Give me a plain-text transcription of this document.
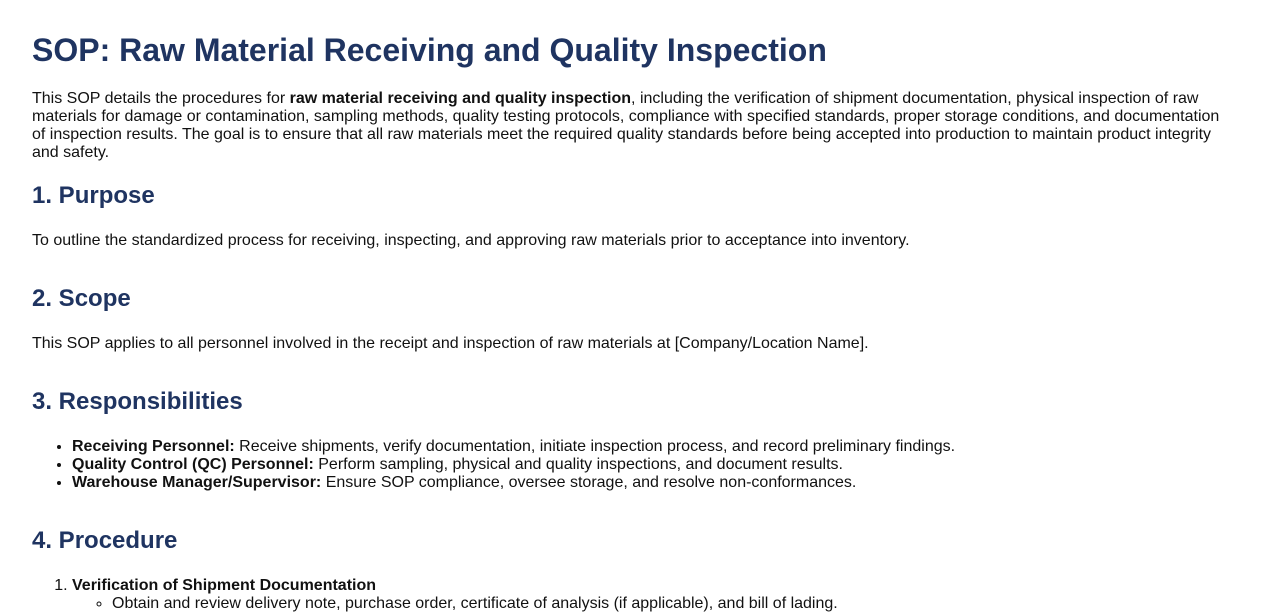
SOP: Raw Material Receiving and Quality Inspection

This SOP details the procedures for raw material receiving and quality inspection, including the verification of shipment documentation, physical inspection of raw materials for damage or contamination, sampling methods, quality testing protocols, compliance with specified standards, proper storage conditions, and documentation of inspection results. The goal is to ensure that all raw materials meet the required quality standards before being accepted into production to maintain product integrity and safety.

1. Purpose

To outline the standardized process for receiving, inspecting, and approving raw materials prior to acceptance into inventory.

2. Scope

This SOP applies to all personnel involved in the receipt and inspection of raw materials at [Company/Location Name].

3. Responsibilities
• Receiving Personnel: Receive shipments, verify documentation, initiate inspection process, and record preliminary findings.
• Quality Control (QC) Personnel: Perform sampling, physical and quality inspections, and document results.
• Warehouse Manager/Supervisor: Ensure SOP compliance, oversee storage, and resolve non-conformances.
4. Procedure
1. Verification of Shipment Documentation
◦ Obtain and review delivery note, purchase order, certificate of analysis (if applicable), and bill of lading.
